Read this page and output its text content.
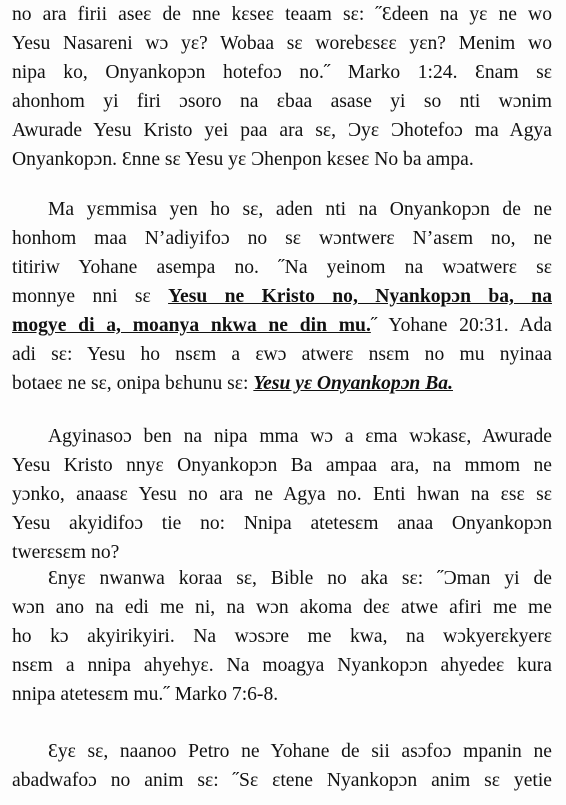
no ara firii aseɛ de nne kɛseɛ teaam sɛ: ˝Ɛdeen na yɛ ne wo
Yesu Nasareni wɔ yɛ? Wobaa sɛ worebɛsɛɛ yɛn? Menim wo
nipa ko, Onyankopɔn hotefoɔ no.˝ Marko 1:24. Ɛnam sɛ
ahonhom yi firi ɔsoro na ɛbaa asase yi so nti wɔnim
Awurade Yesu Kristo yei paa ara sɛ, Ɔyɛ Ɔhotefoɔ ma Agya
Onyankopɔn. Ɛnne sɛ Yesu yɛ Ɔhenpon kɛseɛ No ba ampa.
Ma yɛmmisa yen ho sɛ, aden nti na Onyankopɔn de ne
honhom maa N’adiyifoɔ no sɛ wɔntwerɛ N’asɛm no, ne
titiriw Yohane asempa no. ˝Na yeinom na wɔatwerɛ sɛ
monnye nni sɛ Yesu ne Kristo no, Nyankopɔn ba, na
mogye di a, moanya nkwa ne din mu.˝ Yohane 20:31. Ada
adi sɛ: Yesu ho nsɛm a ɛwɔ atwerɛ nsɛm no mu nyinaa
botaeɛ ne sɛ, onipa bɛhunu sɛ: Yesu yɛ Onyankopɔn Ba.
Agyinasoɔ ben na nipa mma wɔ a ɛma wɔkasɛ, Awurade
Yesu Kristo nnyɛ Onyankopɔn Ba ampaa ara, na mmom ne
yɔnko, anaasɛ Yesu no ara ne Agya no. Enti hwan na ɛsɛ sɛ
Yesu akyidifoɔ tie no: Nnipa atetesɛm anaa Onyankopɔn
twerɛsɛm no?
Ɛnyɛ nwanwa koraa sɛ, Bible no aka sɛ: ˝Ɔman yi de
wɔn ano na edi me ni, na wɔn akoma deɛ atwe afiri me me
ho kɔ akyirikyiri. Na wɔsɔre me kwa, na wɔkyerɛkyerɛ
nsɛm a nnipa ahyehyɛ. Na moagya Nyankopɔn ahyedeɛ kura
nnipa atetesɛm mu.˝ Marko 7:6-8.
Ɛyɛ sɛ, naanoo Petro ne Yohane de sii asɔfoɔ mpanin ne
abadwafoɔ no anim sɛ: ˝Sɛ ɛtene Nyankopɔn anim sɛ yetie
